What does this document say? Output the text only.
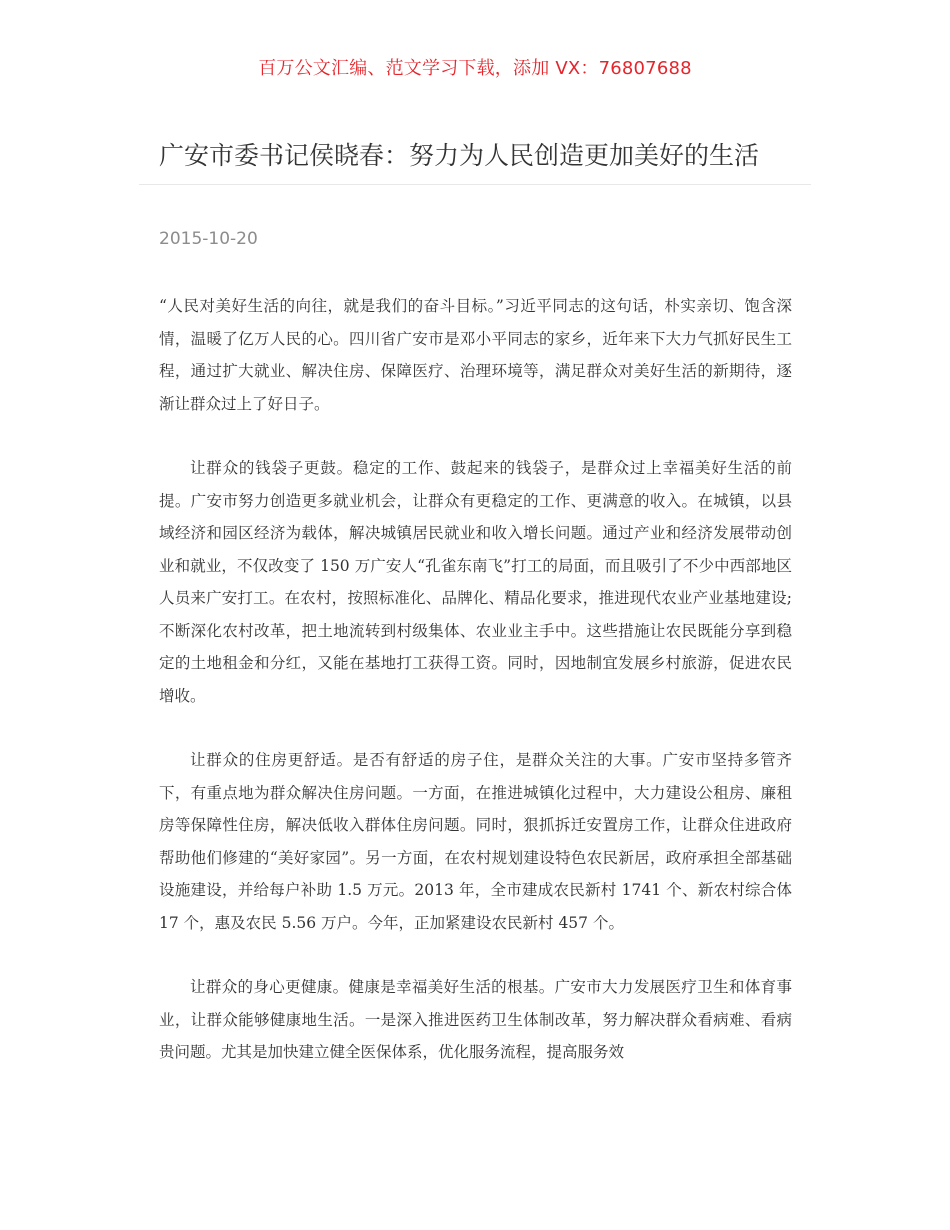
百万公文汇编、范文学习下载，添加 VX：76807688
广安市委书记侯晓春：努力为人民创造更加美好的生活
2015-10-20

“人民对美好生活的向往，就是我们的奋斗目标。”习近平同志的这句话，朴实亲切、饱含深情，温暖了亿万人民的心。四川省广安市是邓小平同志的家乡，近年来下大力气抓好民生工程，通过扩大就业、解决住房、保障医疗、治理环境等，满足群众对美好生活的新期待，逐渐让群众过上了好日子。

让群众的钱袋子更鼓。稳定的工作、鼓起来的钱袋子，是群众过上幸福美好生活的前提。广安市努力创造更多就业机会，让群众有更稳定的工作、更满意的收入。在城镇，以县域经济和园区经济为载体，解决城镇居民就业和收入增长问题。通过产业和经济发展带动创业和就业，不仅改变了 150 万广安人“孔雀东南飞”打工的局面，而且吸引了不少中西部地区人员来广安打工。在农村，按照标准化、品牌化、精品化要求，推进现代农业产业基地建设;不断深化农村改革，把土地流转到村级集体、农业业主手中。这些措施让农民既能分享到稳定的土地租金和分红，又能在基地打工获得工资。同时，因地制宜发展乡村旅游，促进农民增收。

让群众的住房更舒适。是否有舒适的房子住，是群众关注的大事。广安市坚持多管齐下，有重点地为群众解决住房问题。一方面，在推进城镇化过程中，大力建设公租房、廉租房等保障性住房，解决低收入群体住房问题。同时，狠抓拆迁安置房工作，让群众住进政府帮助他们修建的“美好家园”。另一方面，在农村规划建设特色农民新居，政府承担全部基础设施建设，并给每户补助 1.5 万元。2013 年，全市建成农民新村 1741 个、新农村综合体 17 个，惠及农民 5.56 万户。今年，正加紧建设农民新村 457 个。

让群众的身心更健康。健康是幸福美好生活的根基。广安市大力发展医疗卫生和体育事业，让群众能够健康地生活。一是深入推进医药卫生体制改革，努力解决群众看病难、看病贵问题。尤其是加快建立健全医保体系，优化服务流程，提高服务效
